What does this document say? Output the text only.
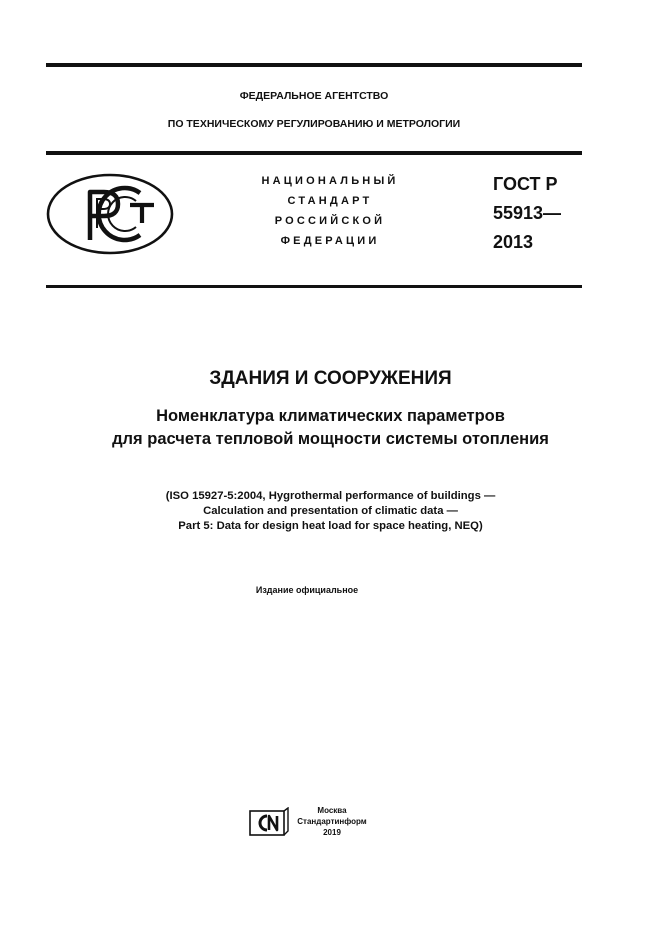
ФЕДЕРАЛЬНОЕ АГЕНТСТВО
ПО ТЕХНИЧЕСКОМУ РЕГУЛИРОВАНИЮ И МЕТРОЛОГИИ
НАЦИОНАЛЬНЫЙ
СТАНДАРТ
РОССИЙСКОЙ
ФЕДЕРАЦИИ
ГОСТ Р
55913—
2013
ЗДАНИЯ И СООРУЖЕНИЯ
Номенклатура климатических параметров
для расчета тепловой мощности системы отопления
(ISO 15927-5:2004, Hygrothermal performance of buildings —
Calculation and presentation of climatic data —
Part 5: Data for design heat load for space heating, NEQ)
Издание официальное
Москва
Стандартинформ
2019
